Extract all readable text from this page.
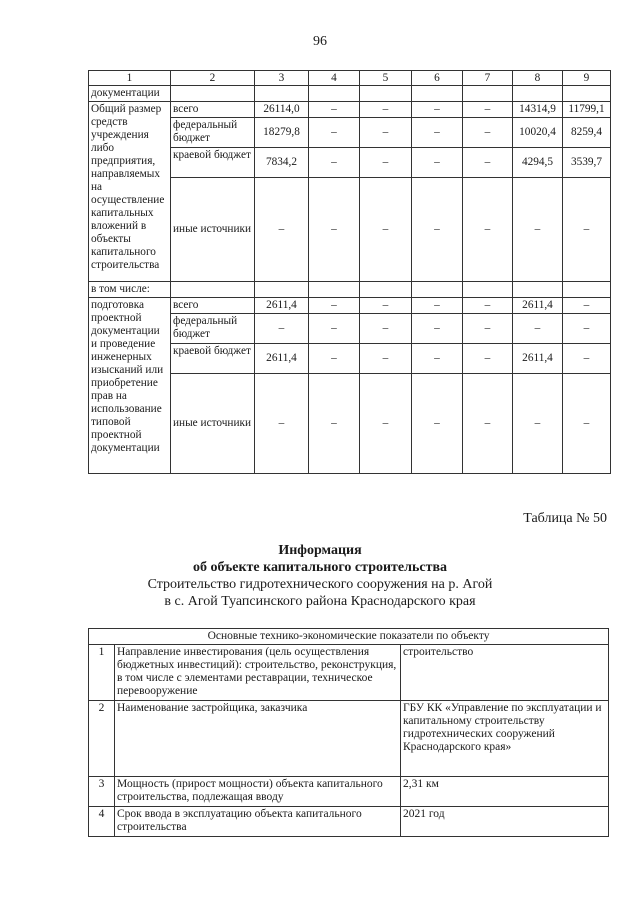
96
1	2	3	4	5	6	7	8	9
документации								
Общий размер средств учреждения либо предприятия, направляемых на осуществление капитальных вложений в объекты капитального строительства	всего	26114,0	–	–	–	–	14314,9	11799,1
	федеральный бюджет	18279,8	–	–	–	–	10020,4	8259,4
	краевой бюджет	7834,2	–	–	–	–	4294,5	3539,7
	иные источники	–	–	–	–	–	–	–
в том числе:								
подготовка проектной документации и проведение инженерных изысканий или приобретение прав на использование типовой проектной документации	всего	2611,4	–	–	–	–	2611,4	–
	федеральный бюджет	–	–	–	–	–	–	–
	краевой бюджет	2611,4	–	–	–	–	2611,4	–
	иные источники	–	–	–	–	–	–	–
Таблица № 50
Информация
об объекте капитального строительства
Строительство гидротехнического сооружения на р. Агой
в с. Агой Туапсинского района Краснодарского края
Основные технико-экономические показатели по объекту		
1	Направление инвестирования (цель осуществления бюджетных инвестиций): строительство, реконструкция, в том числе с элементами реставрации, техническое перевооружение	строительство
2	Наименование застройщика, заказчика	ГБУ КК «Управление по эксплуатации и капитальному строительству гидротехнических сооружений Краснодарского края»
3	Мощность (прирост мощности) объекта капитального строительства, подлежащая вводу	2,31 км
4	Срок ввода в эксплуатацию объекта капитального строительства	2021 год
